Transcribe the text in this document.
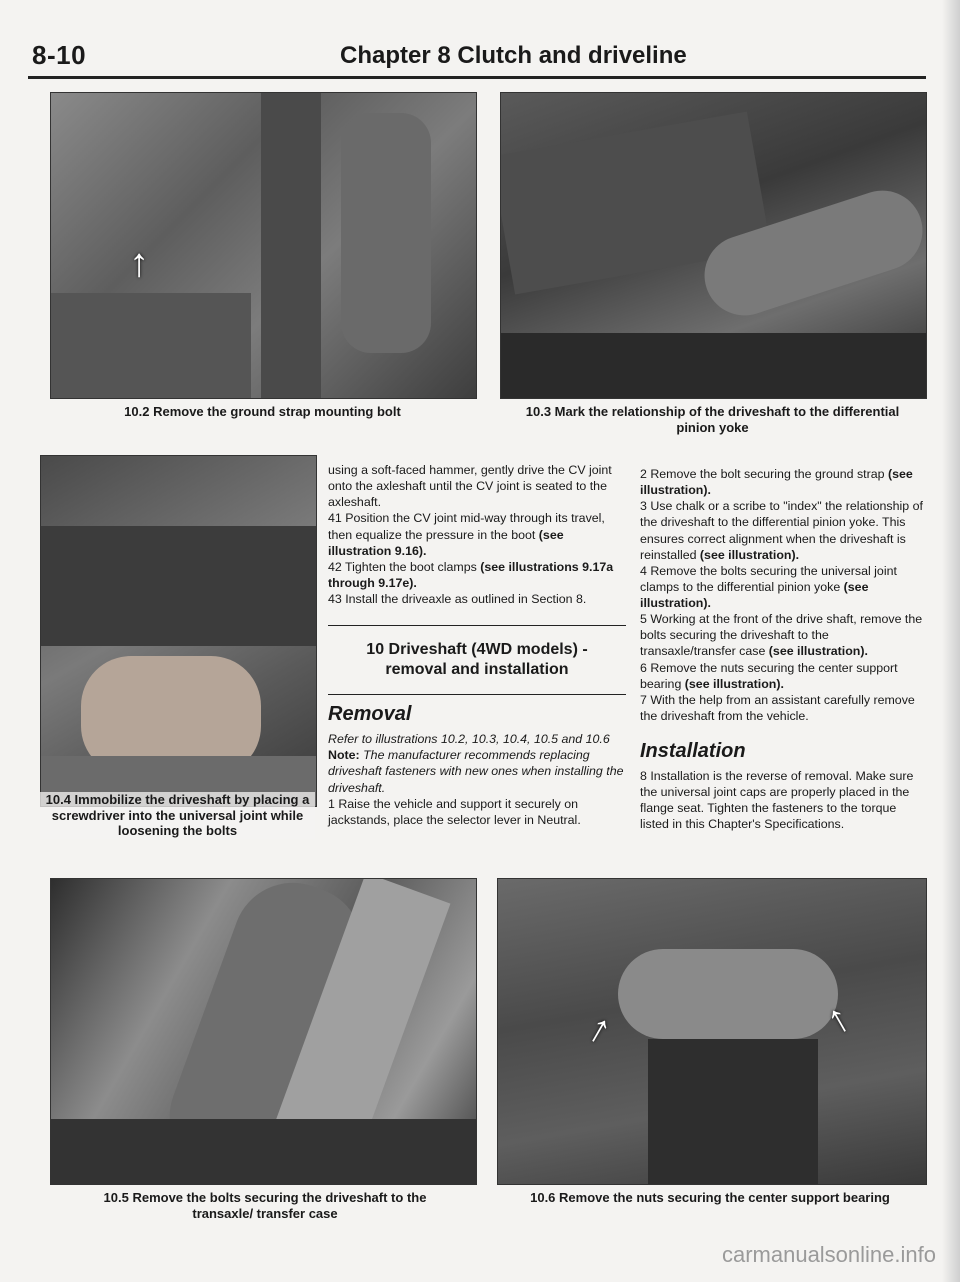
8-10	Chapter 8 Clutch and driveline
↑
10.2 Remove the ground strap mounting bolt	10.3 Mark the relationship of the driveshaft to the differential pinion yoke
10.4 Immobilize the driveshaft by placing a screwdriver into the universal joint while loosening the bolts

using a soft-faced hammer, gently drive the CV joint onto the axleshaft until the CV joint is seated to the axleshaft.

41 Position the CV joint mid-way through its travel, then equalize the pressure in the boot (see illustration 9.16).

42 Tighten the boot clamps (see illustrations 9.17a through 9.17e).

43 Install the driveaxle as outlined in Section 8.

10 Driveshaft (4WD models) - removal and installation
Removal

Refer to illustrations 10.2, 10.3, 10.4, 10.5 and 10.6

Note: The manufacturer recommends replacing driveshaft fasteners with new ones when installing the driveshaft.

1 Raise the vehicle and support it securely on jackstands, place the selector lever in Neutral.

2 Remove the bolt securing the ground strap (see illustration).

3 Use chalk or a scribe to "index" the relationship of the driveshaft to the differential pinion yoke. This ensures correct alignment when the driveshaft is reinstalled (see illustration).

4 Remove the bolts securing the universal joint clamps to the differential pinion yoke (see illustration).

5 Working at the front of the drive shaft, remove the bolts securing the driveshaft to the transaxle/transfer case (see illustration).

6 Remove the nuts securing the center support bearing (see illustration).

7 With the help from an assistant carefully remove the driveshaft from the vehicle.

Installation

8 Installation is the reverse of removal. Make sure the universal joint caps are properly placed in the flange seat. Tighten the fasteners to the torque listed in this Chapter's Specifications.

10.5 Remove the bolts securing the driveshaft to the transaxle/ transfer case
↑	↑
10.6 Remove the nuts securing the center support bearing
carmanualsonline.info
